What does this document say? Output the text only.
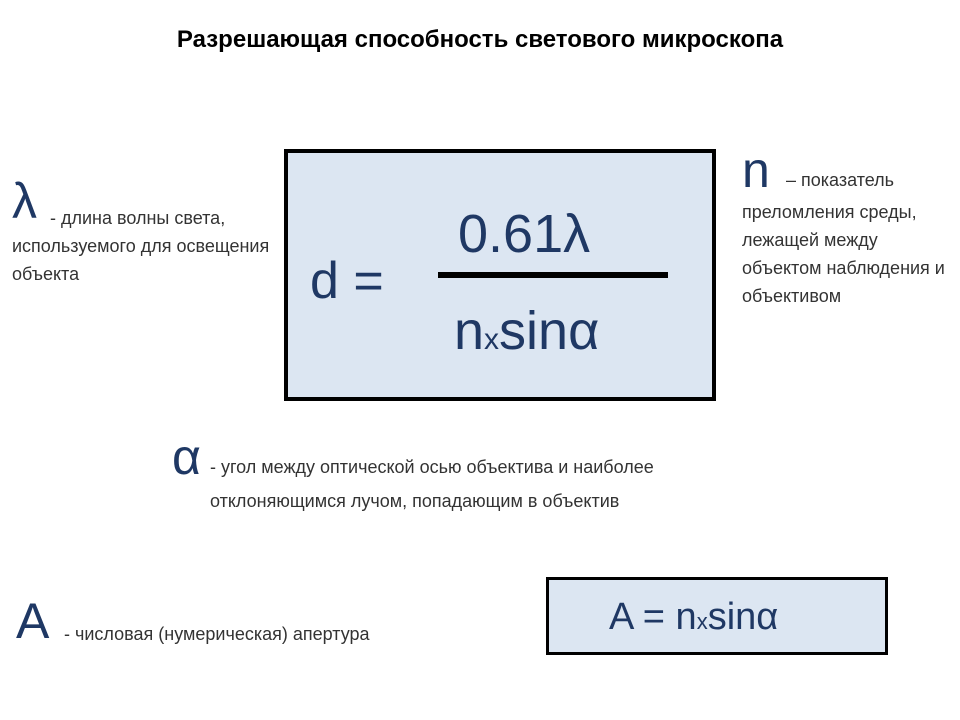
Разрешающая способность светового микроскопа
d =
0.61λ
nxsinα
λ - длина волны света,
используемого для освещения объекта
n – показатель
преломления среды, лежащей между объектом наблюдения и объективом
α - угол между оптической осью объектива и наиболее отклоняющимся лучом, попадающим в объектив
A - числовая (нумерическая) апертура	A = nxsinα
